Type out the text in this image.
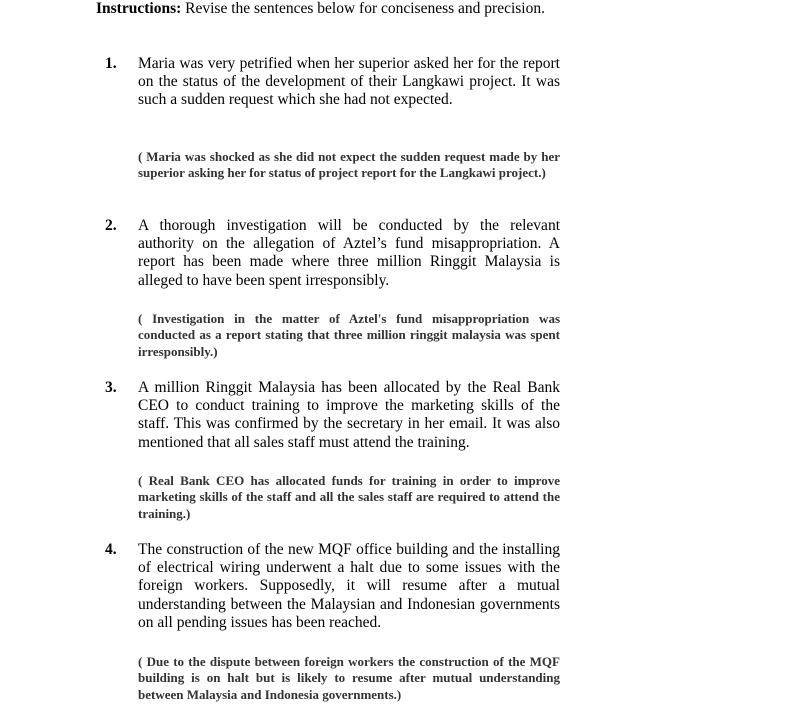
Instructions: Revise the sentences below for conciseness and precision.
1. Maria was very petrified when her superior asked her for the report on the status of the development of their Langkawi project. It was such a sudden request which she had not expected.
( Maria was shocked as she did not expect the sudden request made by her superior asking her for status of project report for the Langkawi project.)
2. A thorough investigation will be conducted by the relevant authority on the allegation of Aztel’s fund misappropriation. A report has been made where three million Ringgit Malaysia is alleged to have been spent irresponsibly.
( Investigation in the matter of Aztel's fund misappropriation was conducted as a report stating that three million ringgit malaysia was spent irresponsibly.)
3. A million Ringgit Malaysia has been allocated by the Real Bank CEO to conduct training to improve the marketing skills of the staff. This was confirmed by the secretary in her email. It was also mentioned that all sales staff must attend the training.
( Real Bank CEO has allocated funds for training in order to improve marketing skills of the staff and all the sales staff are required to attend the training.)
4. The construction of the new MQF office building and the installing of electrical wiring underwent a halt due to some issues with the foreign workers. Supposedly, it will resume after a mutual understanding between the Malaysian and Indonesian governments on all pending issues has been reached.
( Due to the dispute between foreign workers the construction of the MQF building is on halt but is likely to resume after mutual understanding between Malaysia and Indonesia governments.)
